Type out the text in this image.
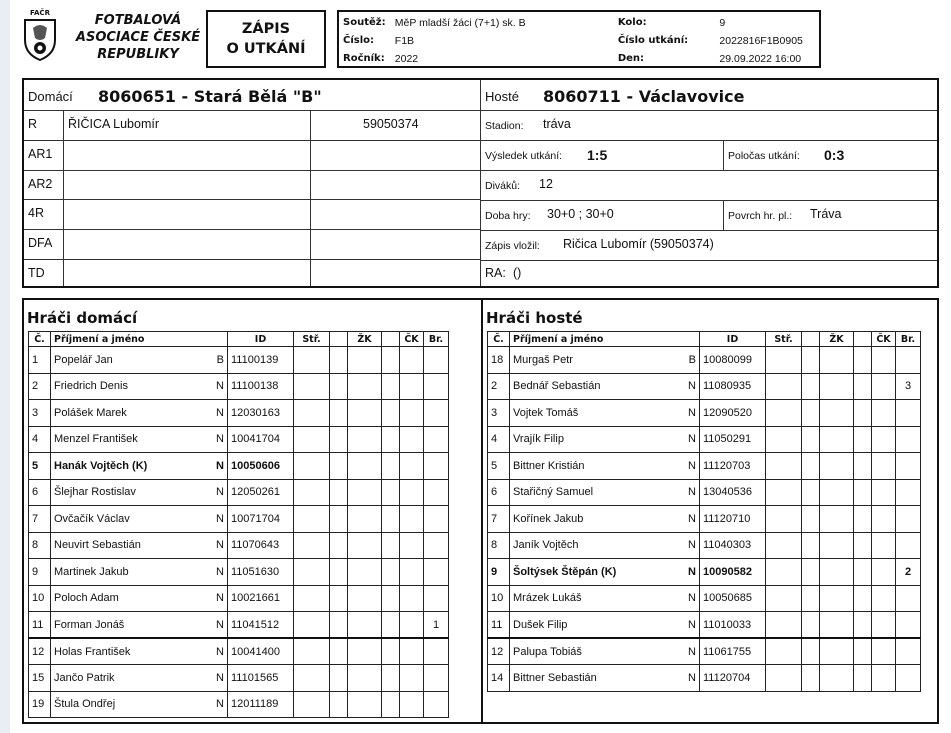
FAČR	FOTBALOVÁ
ASOCIACE ČESKÉ
REPUBLIKY
ZÁPIS
O UTKÁNÍ
Soutěž: MěP mladší žáci (7+1) sk. B	Kolo:	9
Číslo:	F1B	Číslo utkání:	2022816F1B0905
Ročník: 2022	Den:	29.09.2022 16:00
Domácí 8060651 - Stará Bělá "B"
R	ŘIČICA Lubomír	59050374
AR1
AR2
4R
DFA
TD
Hosté 8060711 - Václavovice
Stadion: tráva
Výsledek utkání: 1:5	Poločas utkání: 0:3
Diváků: 12
Doba hry: 30+0 ; 30+0	Povrch hr. pl.: Tráva
Zápis vložil: Ričica Lubomír (59050374)
RA: ()
Hráči domácí
Č.	Příjmení a jméno	ID	Stř.		ŽK		ČK	Br.
1	Popelář Jan B	11100139						
2	Friedrich Denis N	11100138						
3	Polášek Marek N	12030163						
4	Menzel František N	10041704						
5	Hanák Vojtěch (K) N	10050606						
6	Šlejhar Rostislav N	12050261						
7	Ovčačík Václav N	10071704						
8	Neuvirt Sebastián N	11070643						
9	Martinek Jakub N	11051630						
10	Poloch Adam N	10021661						
11	Forman Jonáš N	11041512						1
12	Holas František N	10041400						
15	Jančo Patrik N	11101565						
19	Štula Ondřej N	12011189						
Hráči hosté
Č.	Příjmení a jméno	ID	Stř.		ŽK		ČK	Br.
18	Murgaš Petr B	10080099						
2	Bednář Sebastián N	11080935						3
3	Vojtek Tomáš N	12090520						
4	Vrajík Filip N	11050291						
5	Bittner Kristián N	11120703						
6	Stařičný Samuel N	13040536						
7	Kořínek Jakub N	11120710						
8	Janík Vojtěch N	11040303						
9	Šoltýsek Štěpán (K) N	10090582						2
10	Mrázek Lukáš N	10050685						
11	Dušek Filip N	11010033						
12	Palupa Tobiáš N	11061755						
14	Bittner Sebastián N	11120704						
